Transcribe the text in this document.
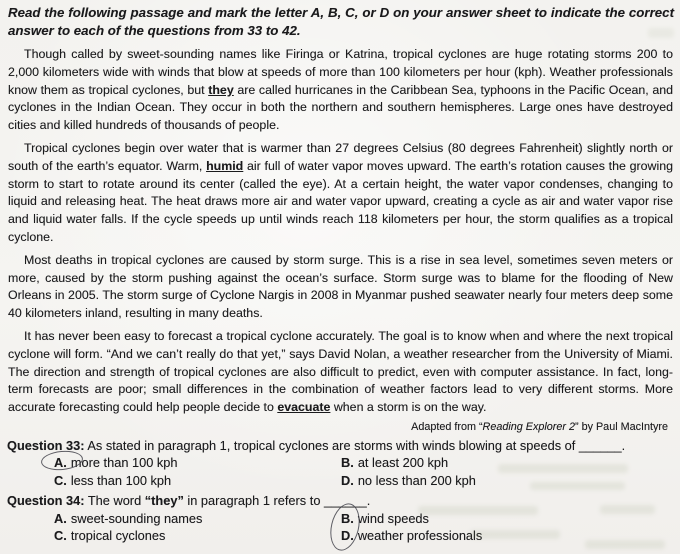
Read the following passage and mark the letter A, B, C, or D on your answer sheet to indicate the correct answer to each of the questions from 33 to 42.

Though called by sweet-sounding names like Firinga or Katrina, tropical cyclones are huge rotating storms 200 to 2,000 kilometers wide with winds that blow at speeds of more than 100 kilometers per hour (kph). Weather professionals know them as tropical cyclones, but they are called hurricanes in the Caribbean Sea, typhoons in the Pacific Ocean, and cyclones in the Indian Ocean. They occur in both the northern and southern hemispheres. Large ones have destroyed cities and killed hundreds of thousands of people.

Tropical cyclones begin over water that is warmer than 27 degrees Celsius (80 degrees Fahrenheit) slightly north or south of the earth’s equator. Warm, humid air full of water vapor moves upward. The earth’s rotation causes the growing storm to start to rotate around its center (called the eye). At a certain height, the water vapor condenses, changing to liquid and releasing heat. The heat draws more air and water vapor upward, creating a cycle as air and water vapor rise and liquid water falls. If the cycle speeds up until winds reach 118 kilometers per hour, the storm qualifies as a tropical cyclone.

Most deaths in tropical cyclones are caused by storm surge. This is a rise in sea level, sometimes seven meters or more, caused by the storm pushing against the ocean’s surface. Storm surge was to blame for the flooding of New Orleans in 2005. The storm surge of Cyclone Nargis in 2008 in Myanmar pushed seawater nearly four meters deep some 40 kilometers inland, resulting in many deaths.

It has never been easy to forecast a tropical cyclone accurately. The goal is to know when and where the next tropical cyclone will form. “And we can’t really do that yet,” says David Nolan, a weather researcher from the University of Miami. The direction and strength of tropical cyclones are also difficult to predict, even with computer assistance. In fact, long-term forecasts are poor; small differences in the combination of weather factors lead to very different storms. More accurate forecasting could help people decide to evacuate when a storm is on the way.

Adapted from “Reading Explorer 2” by Paul MacIntyre
Question 33: As stated in paragraph 1, tropical cyclones are storms with winds blowing at speeds of ______.
A. more than 100 kph	B. at least 200 kph
C. less than 100 kph	D. no less than 200 kph
Question 34: The word “they” in paragraph 1 refers to ______.
A. sweet-sounding names	B. wind speeds
C. tropical cyclones	D. weather professionals
